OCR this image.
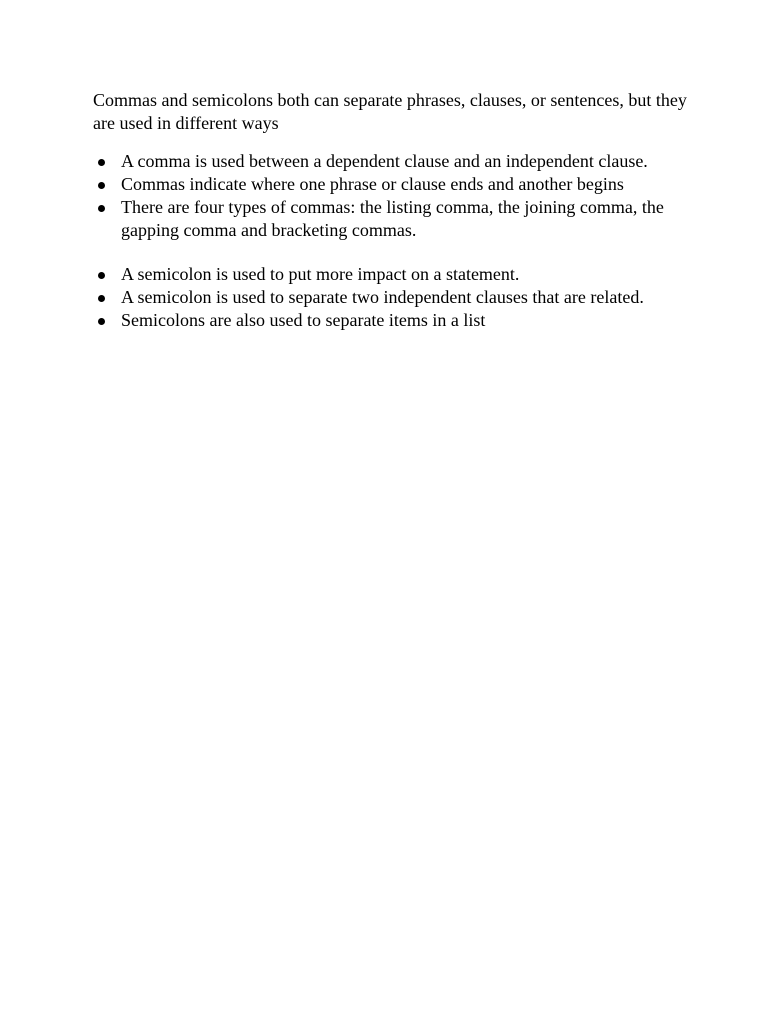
Commas and semicolons both can separate phrases, clauses, or sentences, but they are used in different ways

A comma is used between a dependent clause and an independent clause.
Commas indicate where one phrase or clause ends and another begins
There are four types of commas: the listing comma, the joining comma, the gapping comma and bracketing commas.
A semicolon is used to put more impact on a statement.
A semicolon is used to separate two independent clauses that are related.
Semicolons are also used to separate items in a list
